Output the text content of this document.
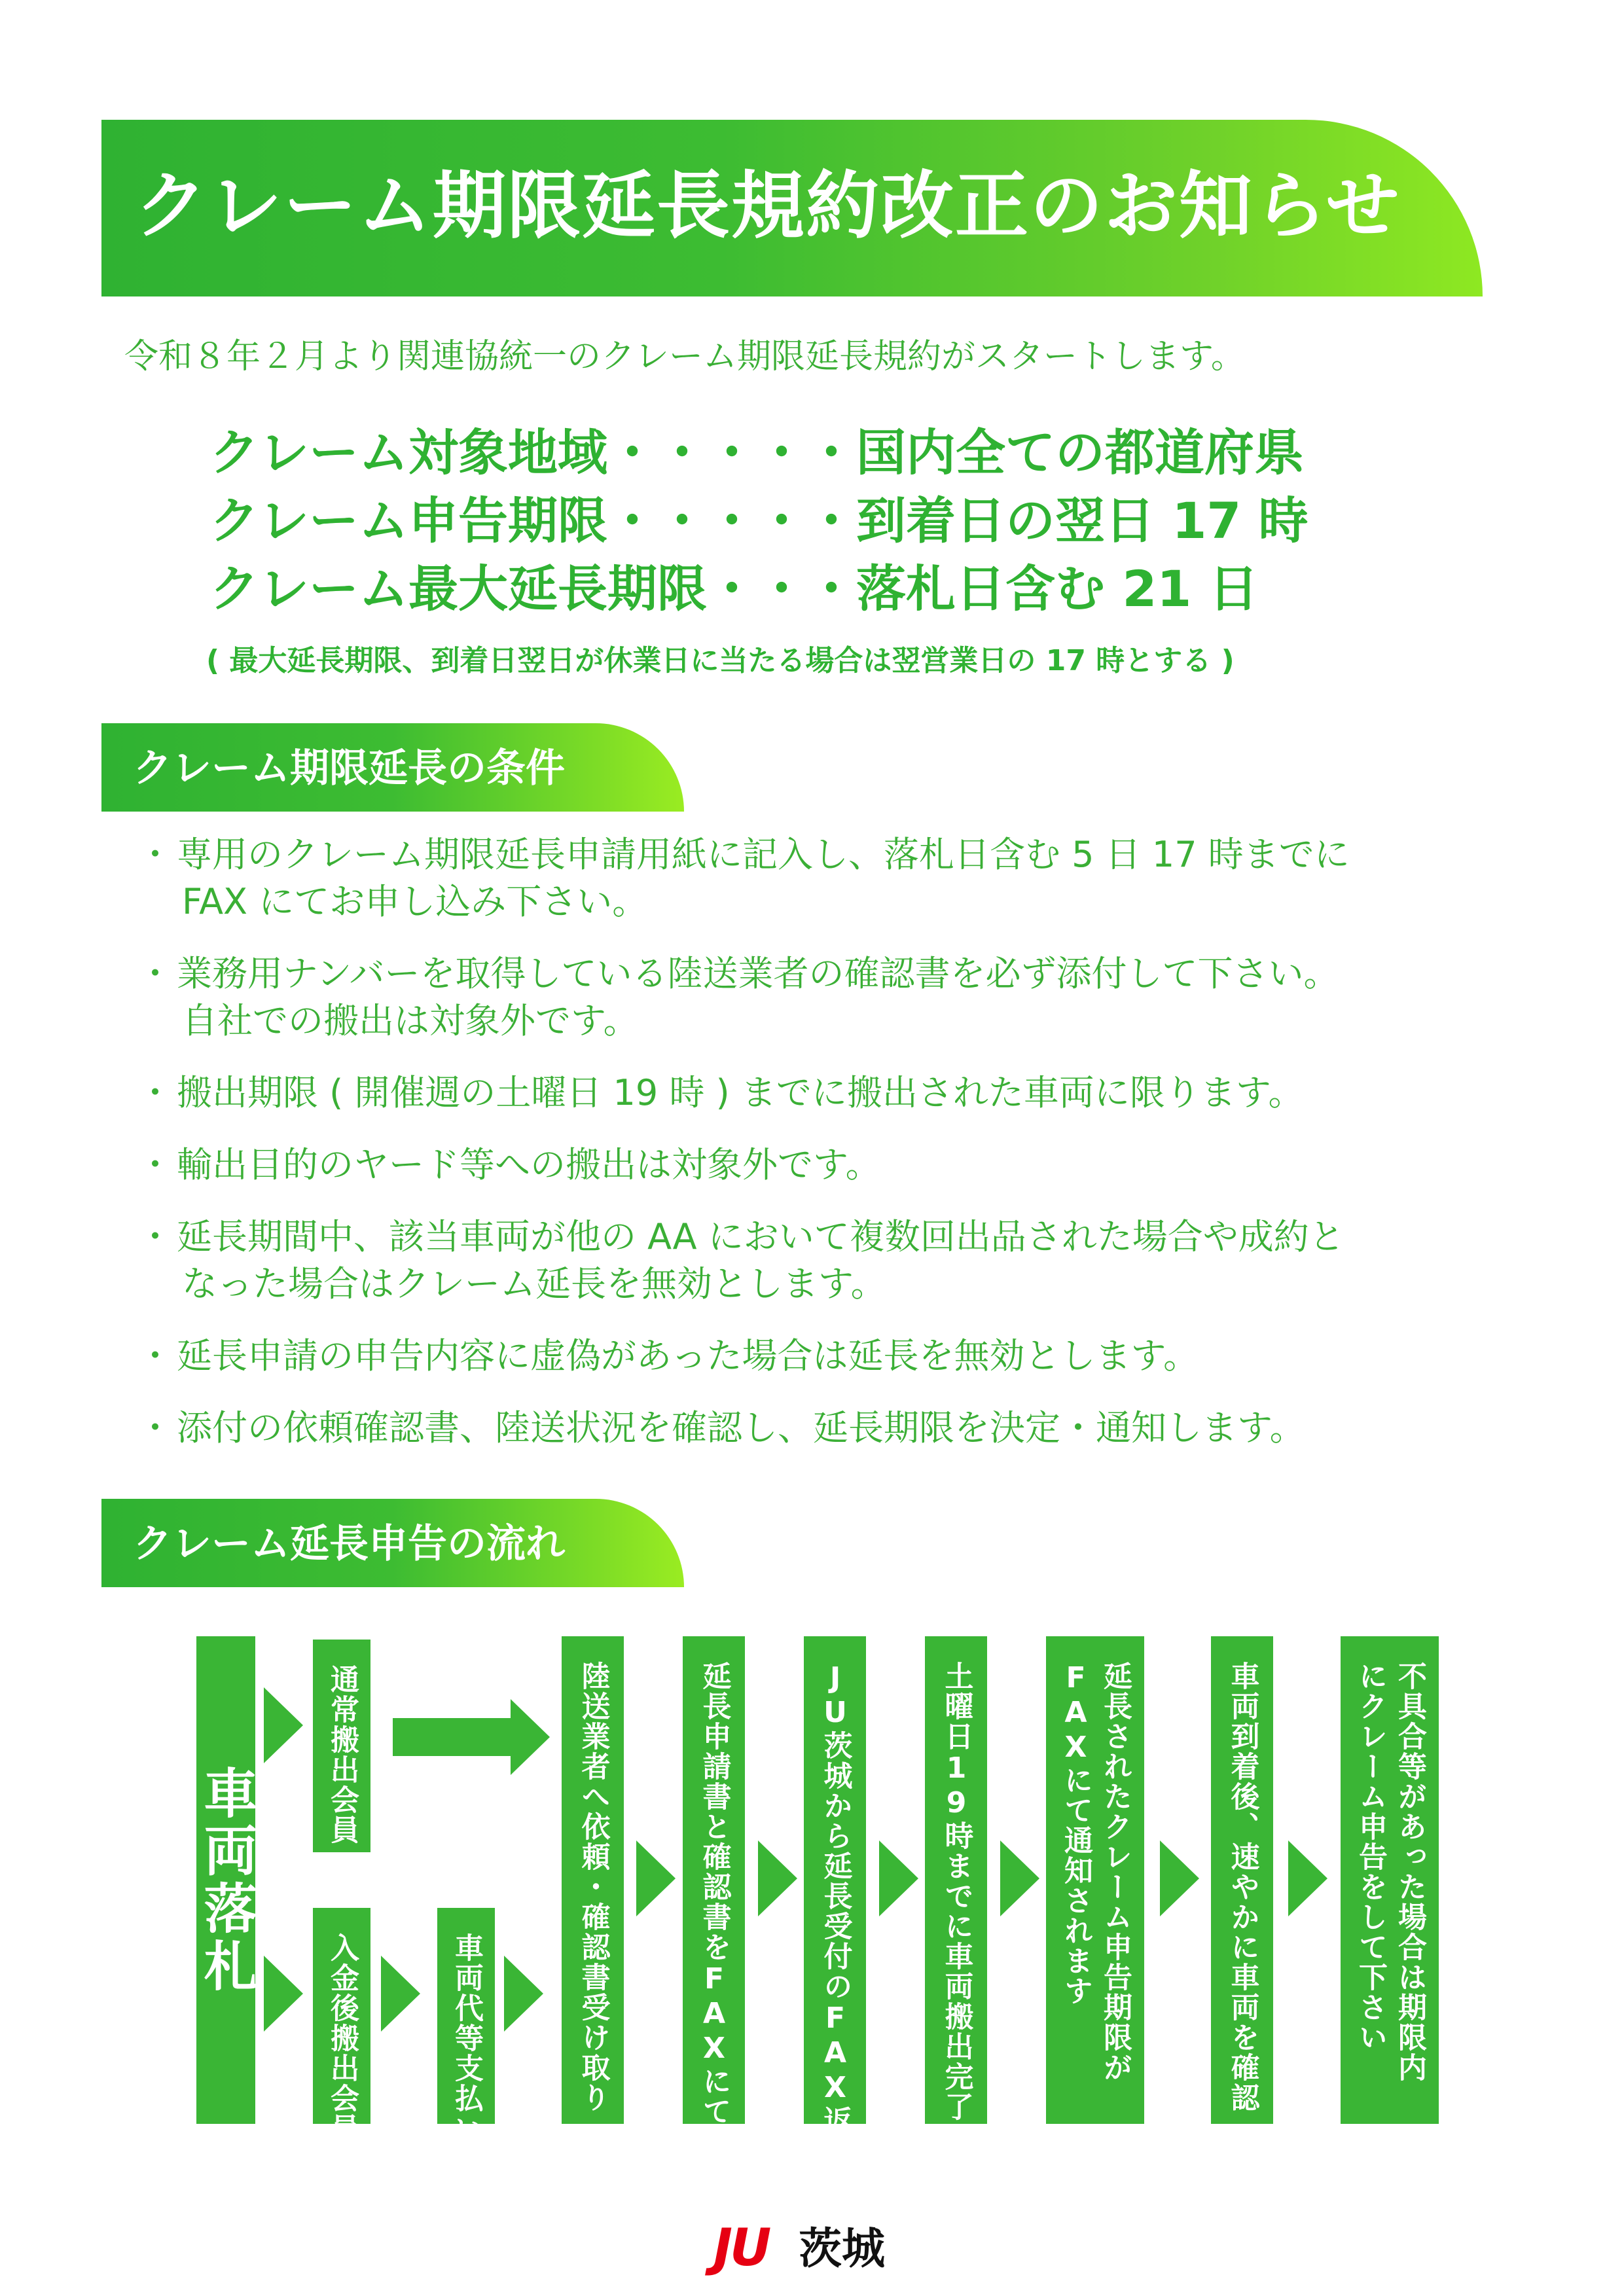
クレーム期限延長規約改正のお知らせ
令和８年２月より関連協統一のクレーム期限延長規約がスタートします。
クレーム対象地域・・・・・国内全ての都道府県
クレーム申告期限・・・・・到着日の翌日 17 時
クレーム最大延長期限・・・落札日含む 21 日
( 最大延長期限、到着日翌日が休業日に当たる場合は翌営業日の 17 時とする )
クレーム期限延長の条件
・ 専用のクレーム期限延長申請用紙に記入し、落札日含む 5 日 17 時までに
FAX にてお申し込み下さい。
・ 業務用ナンバーを取得している陸送業者の確認書を必ず添付して下さい。
自社での搬出は対象外です。
・ 搬出期限 ( 開催週の土曜日 19 時 ) までに搬出された車両に限ります。
・ 輸出目的のヤード等への搬出は対象外です。
・ 延長期間中、該当車両が他の AA において複数回出品された場合や成約と
なった場合はクレーム延長を無効とします。
・ 延長申請の申告内容に虚偽があった場合は延長を無効とします。
・ 添付の依頼確認書、陸送状況を確認し、延長期限を決定・通知します。
クレーム延長申告の流れ
車両落札
通常搬出会員
入金後搬出会員	車両代等支払い	陸送業者へ依頼・確認書受け取り	延長申請書と確認書をFAXにて送付	JU茨城から延長受付のFAX返信	土曜日19時までに車両搬出完了	延長されたクレーム申告期限がFAXにて通知されます	車両到着後、速やかに車両を確認	不具合等があった場合は期限内にクレーム申告をして下さい
JU 茨城
